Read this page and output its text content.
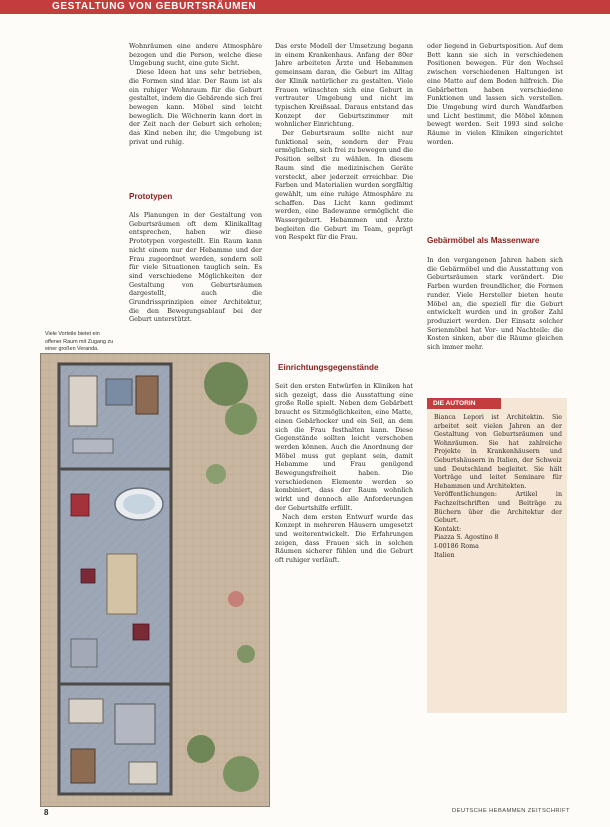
GESTALTUNG VON GEBURTSRÄUMEN

Wohnräumen eine andere Atmosphäre bezogen und die Person, welche diese Umgebung sucht, eine gute Sicht.

Diese Ideen hat uns sehr betrieben, die Formen sind klar. Der Raum ist als ein ruhiger Wohnraum für die Geburt gestaltet, indem die Gebärende sich frei bewegen kann. Möbel sind leicht beweglich. Die Wöchnerin kann dort in der Zeit nach der Geburt sich erholen; das Kind neben ihr, die Umgebung ist privat und ruhig.

Prototypen

Als Planungen in der Gestaltung von Geburtsräumen oft dem Klinikalltag entsprechen, haben wir diese Prototypen vorgestellt. Ein Raum kann nicht einem nur der Hebamme und der Frau zugeordnet werden, sondern soll für viele Situationen tauglich sein. Es sind verschiedene Möglichkeiten der Gestaltung von Geburtsräumen dargestellt, auch die Grundrissprinzipien einer Architektur, die den Bewegungsablauf bei der Geburt unterstützt.

Viele Vorteile bietet ein offener Raum mit Zugang zu einer großen Veranda.

Das erste Modell der Umsetzung begann in einem Krankenhaus. Anfang der 80er Jahre arbeiteten Ärzte und Hebammen gemeinsam daran, die Geburt im Alltag der Klinik natürlicher zu gestalten. Viele Frauen wünschten sich eine Geburt in vertrauter Umgebung und nicht im typischen Kreißsaal. Daraus entstand das Konzept der Geburtszimmer mit wohnlicher Einrichtung.

Der Geburtsraum sollte nicht nur funktional sein, sondern der Frau ermöglichen, sich frei zu bewegen und die Position selbst zu wählen. In diesem Raum sind die medizinischen Geräte versteckt, aber jederzeit erreichbar. Die Farben und Materialien wurden sorgfältig gewählt, um eine ruhige Atmosphäre zu schaffen. Das Licht kann gedimmt werden, eine Badewanne ermöglicht die Wassergeburt. Hebammen und Ärzte begleiten die Geburt im Team, geprägt von Respekt für die Frau.

Einrichtungsgegenstände

Seit den ersten Entwürfen in Kliniken hat sich gezeigt, dass die Ausstattung eine große Rolle spielt. Neben dem Gebärbett braucht es Sitzmöglichkeiten, eine Matte, einen Gebärhocker und ein Seil, an dem sich die Frau festhalten kann. Diese Gegenstände sollten leicht verschoben werden können. Auch die Anordnung der Möbel muss gut geplant sein, damit Hebamme und Frau genügend Bewegungsfreiheit haben. Die verschiedenen Elemente werden so kombiniert, dass der Raum wohnlich wirkt und dennoch alle Anforderungen der Geburtshilfe erfüllt.

Nach dem ersten Entwurf wurde das Konzept in mehreren Häusern umgesetzt und weiterentwickelt. Die Erfahrungen zeigen, dass Frauen sich in solchen Räumen sicherer fühlen und die Geburt oft ruhiger verläuft.

oder liegend in Geburtsposition. Auf dem Bett kann sie sich in verschiedenen Positionen bewegen. Für den Wechsel zwischen verschiedenen Haltungen ist eine Matte auf dem Boden hilfreich. Die Gebärbetten haben verschiedene Funktionen und lassen sich verstellen. Die Umgebung wird durch Wandfarben und Licht bestimmt, die Möbel können bewegt werden. Seit 1993 sind solche Räume in vielen Kliniken eingerichtet worden.

Gebärmöbel als Massenware

In den vergangenen Jahren haben sich die Gebärmöbel und die Ausstattung von Geburtsräumen stark verändert. Die Farben wurden freundlicher, die Formen runder. Viele Hersteller bieten heute Möbel an, die speziell für die Geburt entwickelt wurden und in großer Zahl produziert werden. Der Einsatz solcher Serienmöbel hat Vor- und Nachteile: die Kosten sinken, aber die Räume gleichen sich immer mehr.

DIE AUTORIN

Bianca Lepori ist Architektin. Sie arbeitet seit vielen Jahren an der Gestaltung von Geburtsräumen und Wohnräumen. Sie hat zahlreiche Projekte in Krankenhäusern und Geburtshäusern in Italien, der Schweiz und Deutschland begleitet. Sie hält Vorträge und leitet Seminare für Hebammen und Architekten.

Veröffentlichungen: Artikel in Fachzeitschriften und Beiträge zu Büchern über die Architektur der Geburt.

Kontakt:

Piazza S. Agostino 8

I-00186 Roma

Italien

8	DEUTSCHE HEBAMMEN ZEITSCHRIFT
